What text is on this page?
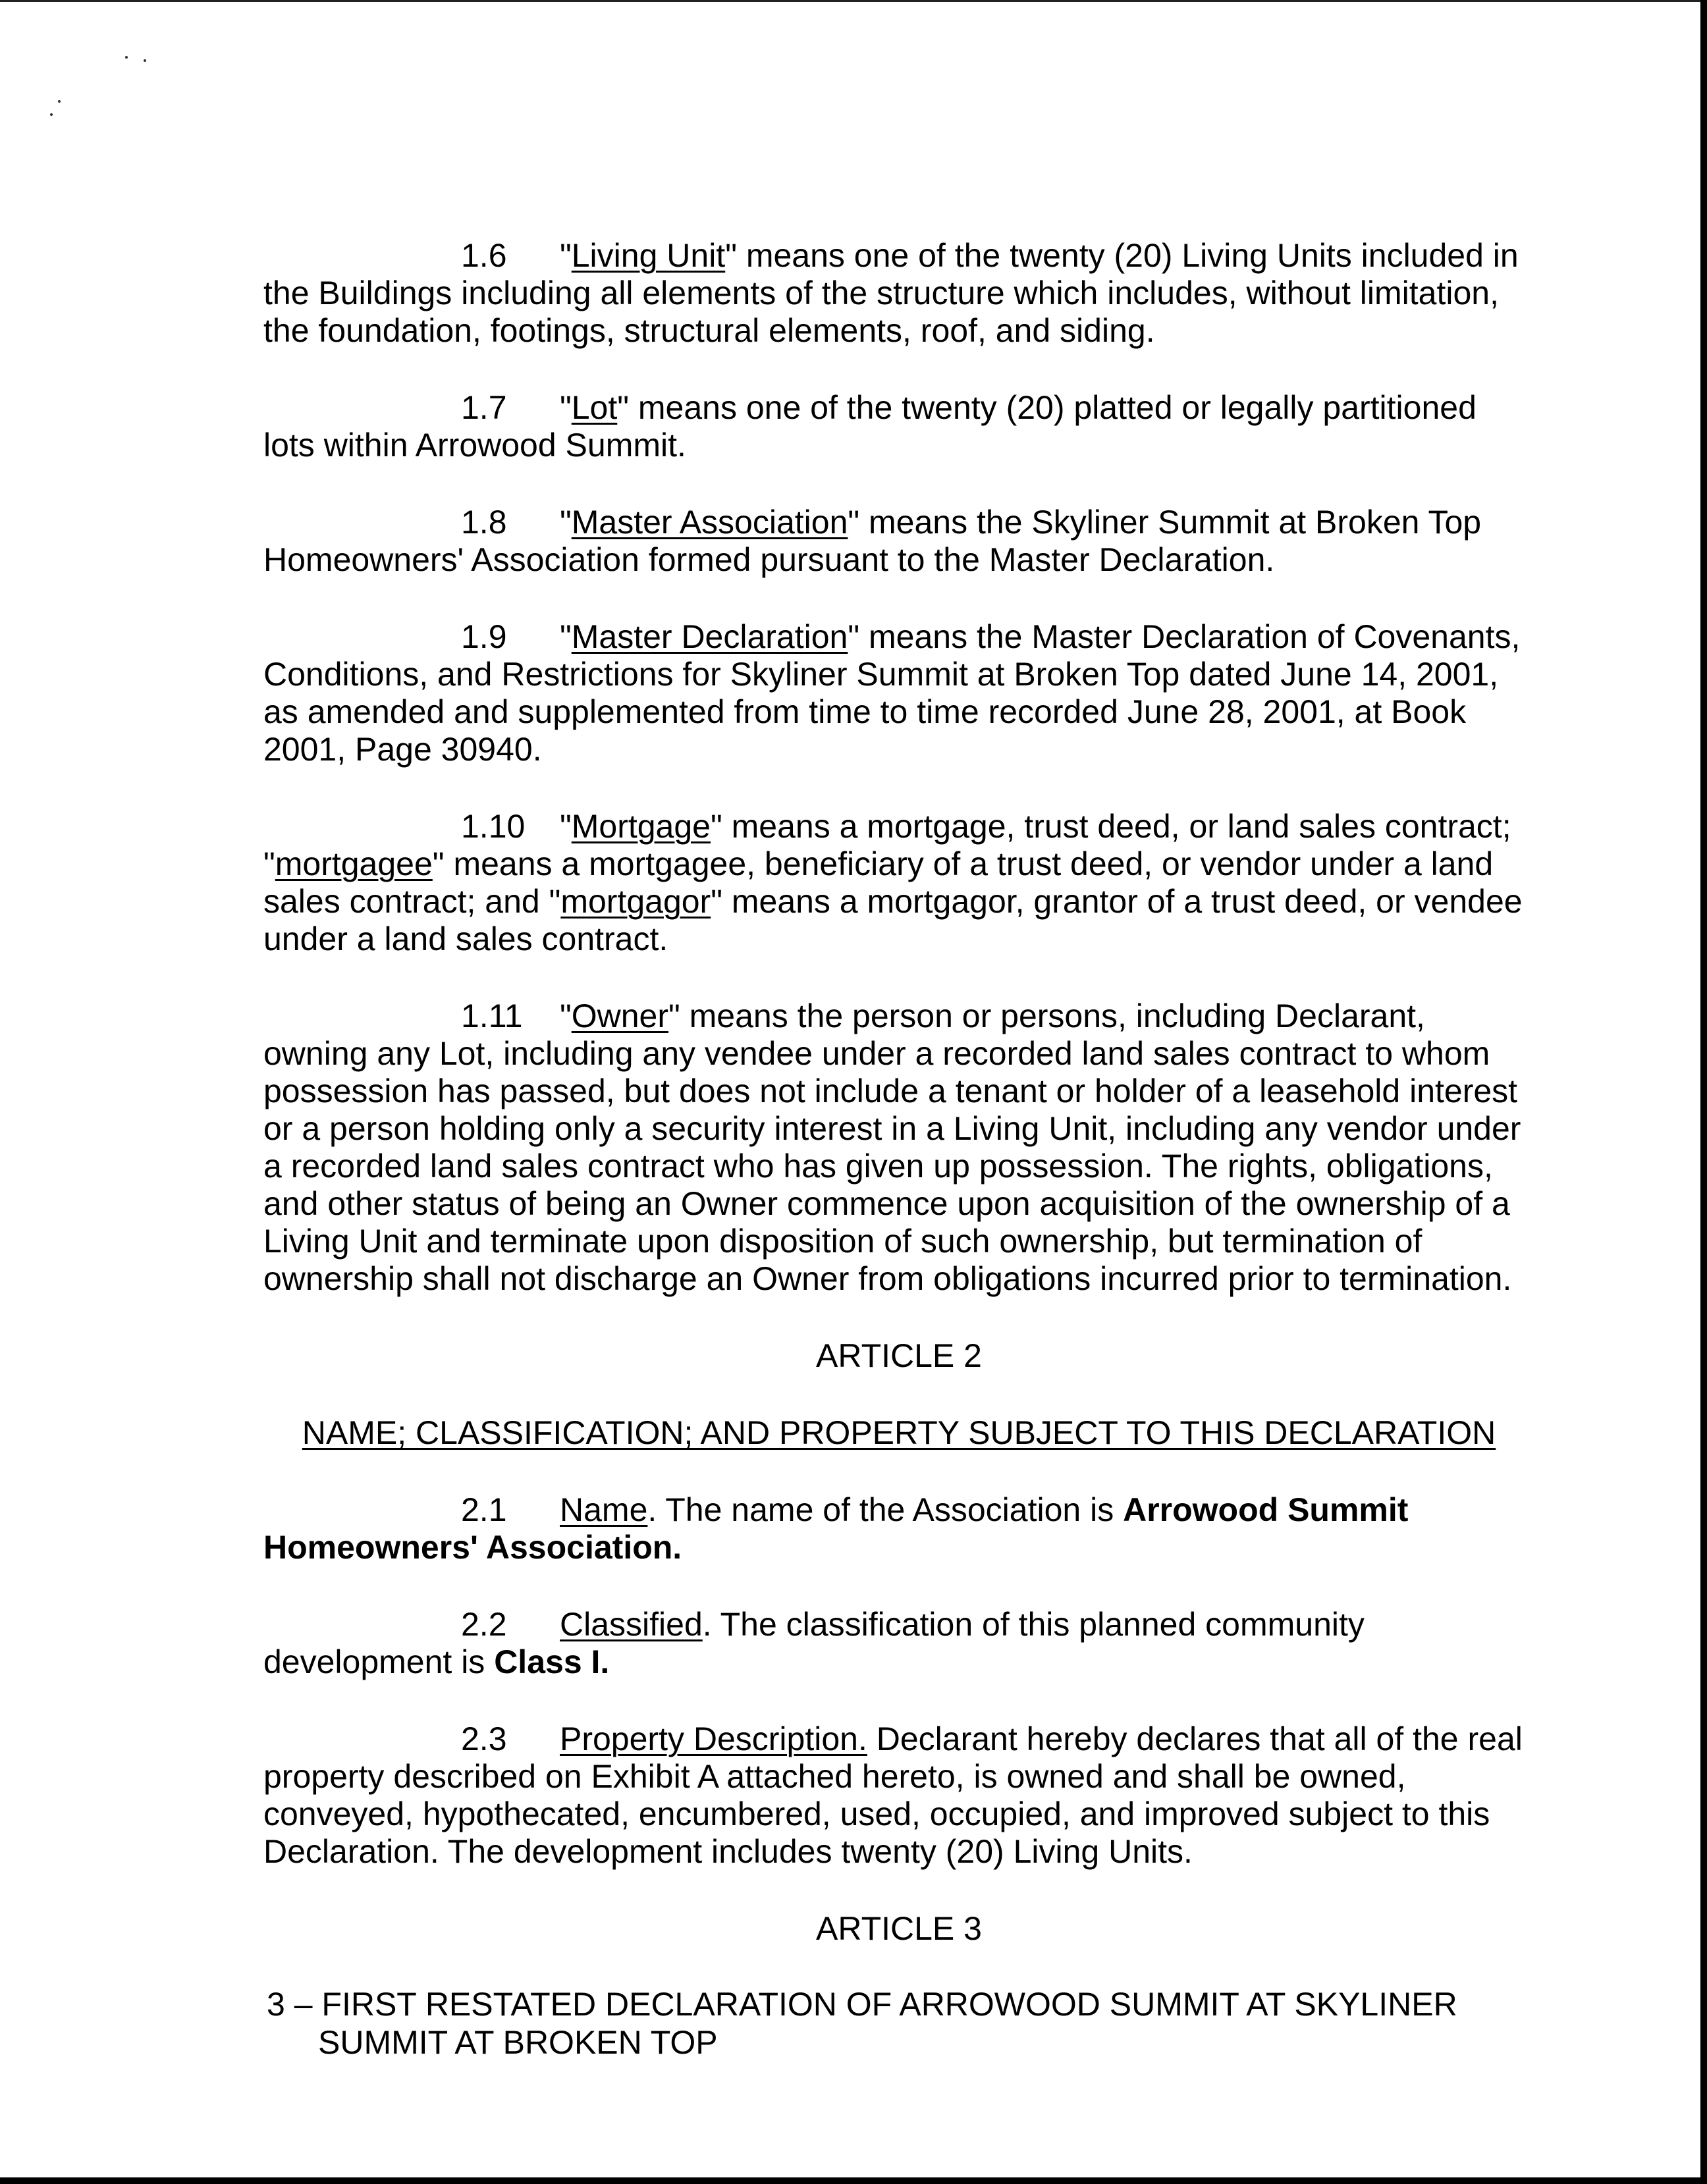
1.6 "Living Unit" means one of the twenty (20) Living Units included in the Buildings including all elements of the structure which includes, without limitation, the foundation, footings, structural elements, roof, and siding.

1.7 "Lot" means one of the twenty (20) platted or legally partitioned lots within Arrowood Summit.

1.8 "Master Association" means the Skyliner Summit at Broken Top Homeowners' Association formed pursuant to the Master Declaration.

1.9 "Master Declaration" means the Master Declaration of Covenants, Conditions, and Restrictions for Skyliner Summit at Broken Top dated June 14, 2001, as amended and supplemented from time to time recorded June 28, 2001, at Book 2001, Page 30940.

1.10 "Mortgage" means a mortgage, trust deed, or land sales contract; "mortgagee" means a mortgagee, beneficiary of a trust deed, or vendor under a land sales contract; and "mortgagor" means a mortgagor, grantor of a trust deed, or vendee under a land sales contract.

1.11 "Owner" means the person or persons, including Declarant, owning any Lot, including any vendee under a recorded land sales contract to whom possession has passed, but does not include a tenant or holder of a leasehold interest or a person holding only a security interest in a Living Unit, including any vendor under a recorded land sales contract who has given up possession. The rights, obligations, and other status of being an Owner commence upon acquisition of the ownership of a Living Unit and terminate upon disposition of such ownership, but termination of ownership shall not discharge an Owner from obligations incurred prior to termination.

ARTICLE 2
NAME; CLASSIFICATION; AND PROPERTY SUBJECT TO THIS DECLARATION

2.1 Name. The name of the Association is Arrowood Summit Homeowners' Association.

2.2 Classified. The classification of this planned community development is Class I.

2.3 Property Description. Declarant hereby declares that all of the real property described on Exhibit A attached hereto, is owned and shall be owned, conveyed, hypothecated, encumbered, used, occupied, and improved subject to this Declaration. The development includes twenty (20) Living Units.

ARTICLE 3
3 – FIRST RESTATED DECLARATION OF ARROWOOD SUMMIT AT SKYLINER
SUMMIT AT BROKEN TOP
